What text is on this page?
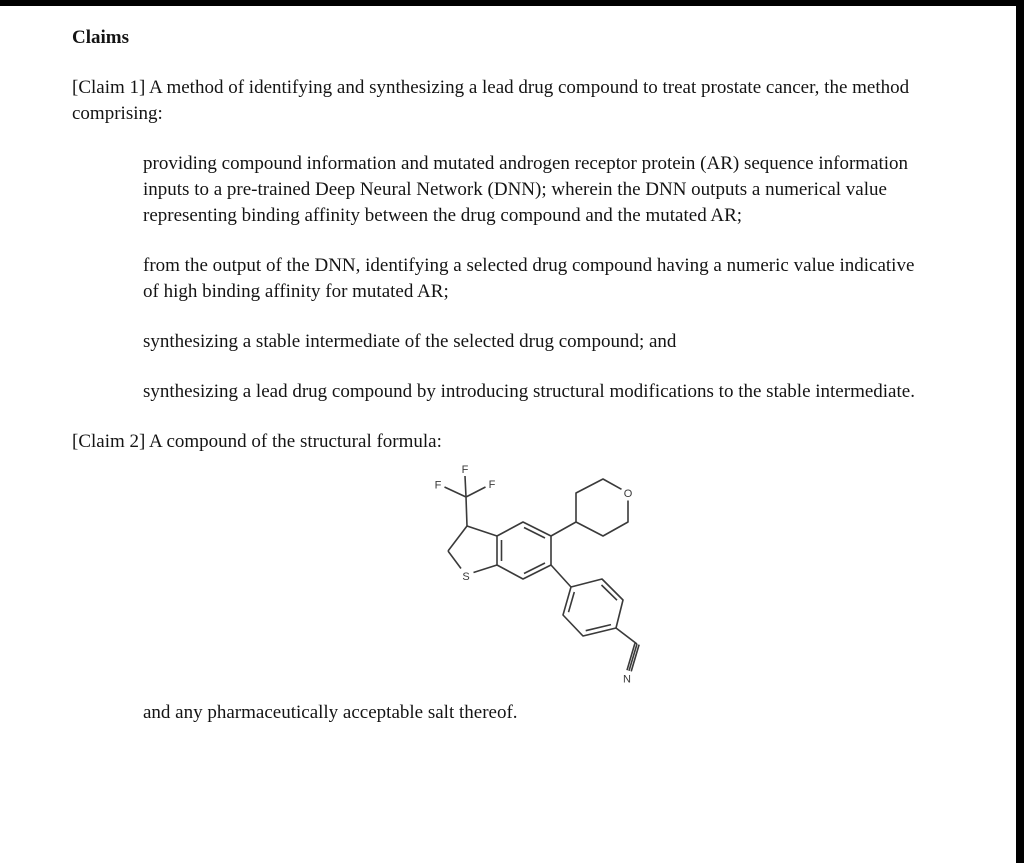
Claims

[Claim 1] A method of identifying and synthesizing a lead drug compound to treat prostate cancer, the method comprising:

providing compound information and mutated androgen receptor protein (AR) sequence information inputs to a pre-trained Deep Neural Network (DNN); wherein the DNN outputs a numerical value representing binding affinity between the drug compound and the mutated AR;

from the output of the DNN, identifying a selected drug compound having a numeric value indicative of high binding affinity for mutated AR;

synthesizing a stable intermediate of the selected drug compound; and

synthesizing a lead drug compound by introducing structural modifications to the stable intermediate.

[Claim 2] A compound of the structural formula:

F
F	F
S
O
N

and any pharmaceutically acceptable salt thereof.
